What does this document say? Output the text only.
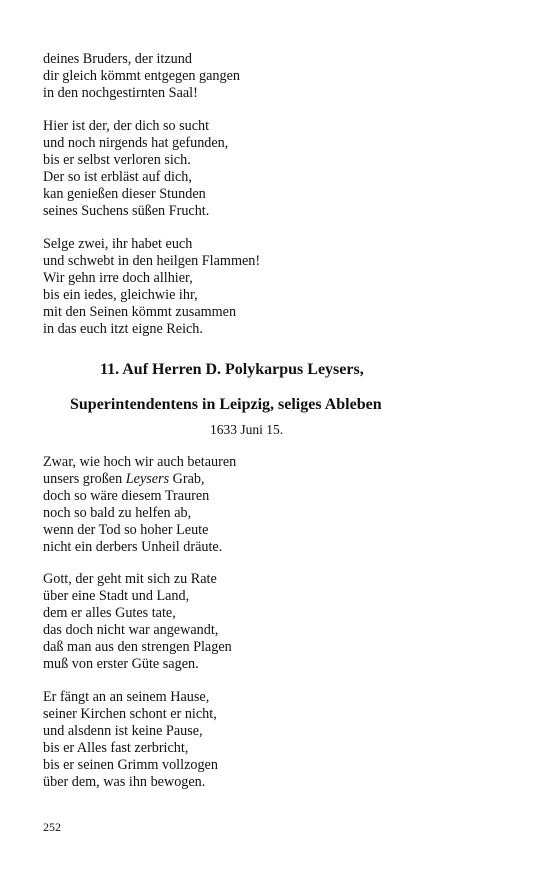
deines Bruders, der itzund
dir gleich kömmt entgegen gangen
in den nochgestirnten Saal!
Hier ist der, der dich so sucht
und noch nirgends hat gefunden,
bis er selbst verloren sich.
Der so ist erbläst auf dich,
kan genießen dieser Stunden
seines Suchens süßen Frucht.
Selge zwei, ihr habet euch
und schwebt in den heilgen Flammen!
Wir gehn irre doch allhier,
bis ein iedes, gleichwie ihr,
mit den Seinen kömmt zusammen
in das euch itzt eigne Reich.
11. Auf Herren D. Polykarpus Leysers,
Superintendentens in Leipzig, seliges Ableben
1633 Juni 15.
Zwar, wie hoch wir auch betauren
unsers großen Leysers Grab,
doch so wäre diesem Trauren
noch so bald zu helfen ab,
wenn der Tod so hoher Leute
nicht ein derbers Unheil dräute.
Gott, der geht mit sich zu Rate
über eine Stadt und Land,
dem er alles Gutes tate,
das doch nicht war angewandt,
daß man aus den strengen Plagen
muß von erster Güte sagen.
Er fängt an an seinem Hause,
seiner Kirchen schont er nicht,
und alsdenn ist keine Pause,
bis er Alles fast zerbricht,
bis er seinen Grimm vollzogen
über dem, was ihn bewogen.
252
